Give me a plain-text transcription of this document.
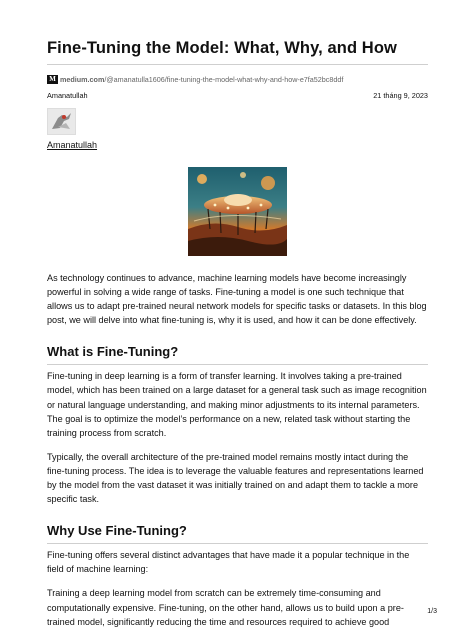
Fine-Tuning the Model: What, Why, and How
M medium.com/@amanatulla1606/fine-tuning-the-model-what-why-and-how-e7fa52bc8ddf
Amanatullah	21 tháng 9, 2023
Amanatullah

As technology continues to advance, machine learning models have become increasingly powerful in solving a wide range of tasks. Fine-tuning a model is one such technique that allows us to adapt pre-trained neural network models for specific tasks or datasets. In this blog post, we will delve into what fine-tuning is, why it is used, and how it can be done effectively.

What is Fine-Tuning?

Fine-tuning in deep learning is a form of transfer learning. It involves taking a pre-trained model, which has been trained on a large dataset for a general task such as image recognition or natural language understanding, and making minor adjustments to its internal parameters. The goal is to optimize the model’s performance on a new, related task without starting the training process from scratch.

Typically, the overall architecture of the pre-trained model remains mostly intact during the fine-tuning process. The idea is to leverage the valuable features and representations learned by the model from the vast dataset it was initially trained on and adapt them to tackle a more specific task.

Why Use Fine-Tuning?

Fine-tuning offers several distinct advantages that have made it a popular technique in the field of machine learning:

Training a deep learning model from scratch can be extremely time-consuming and computationally expensive. Fine-tuning, on the other hand, allows us to build upon a pre-trained model, significantly reducing the time and resources required to achieve good

1/3
